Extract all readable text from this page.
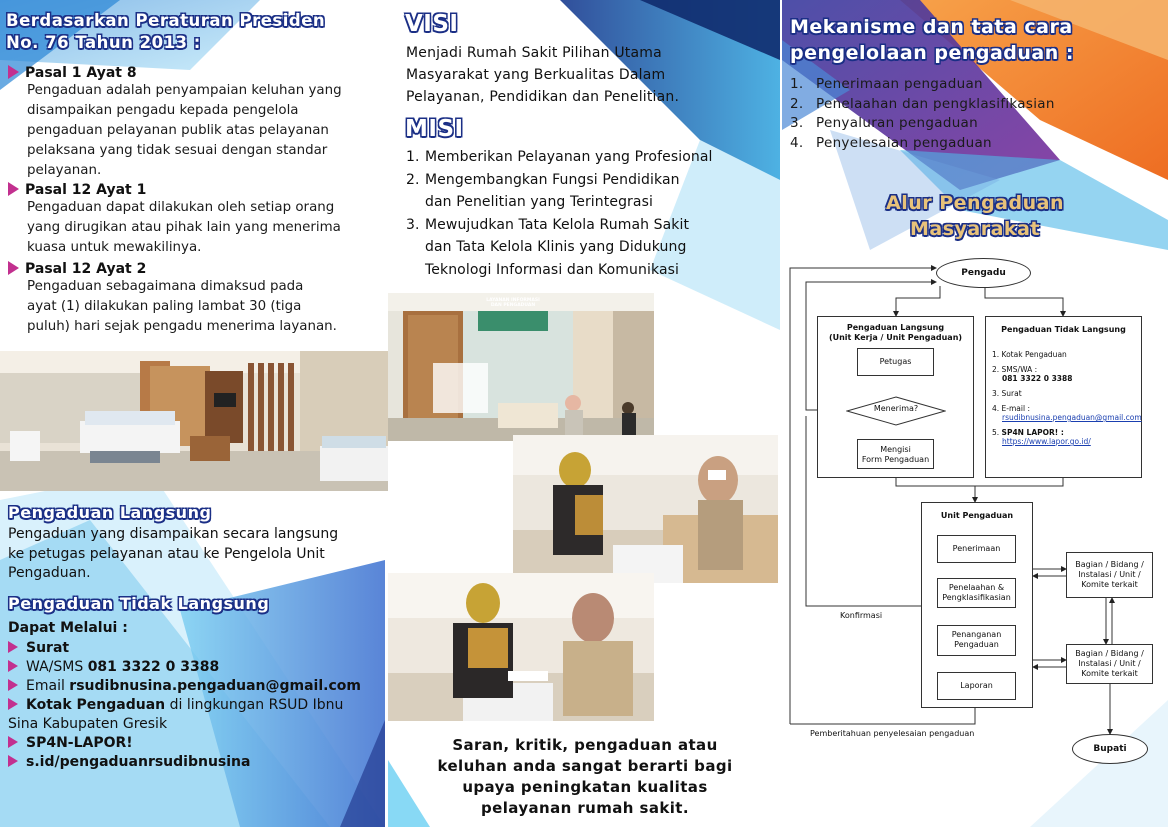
Berdasarkan Peraturan Presiden
No. 76 Tahun 2013 :
Pasal 1 Ayat 8
Pengaduan adalah penyampaian keluhan yang
disampaikan pengadu kepada pengelola
pengaduan pelayanan publik atas pelayanan
pelaksana yang tidak sesuai dengan standar
pelayanan.
Pasal 12 Ayat 1
Pengaduan dapat dilakukan oleh setiap orang
yang dirugikan atau pihak lain yang menerima
kuasa untuk mewakilinya.
Pasal 12 Ayat 2
Pengaduan sebagaimana dimaksud pada
ayat (1) dilakukan paling lambat 30 (tiga
puluh) hari sejak pengadu menerima layanan.
Pengaduan Langsung
Pengaduan yang disampaikan secara langsung
ke petugas pelayanan atau ke Pengelola Unit
Pengaduan.
Pengaduan Tidak Langsung
Dapat Melalui :
Surat
WA/SMS 081 3322 0 3388
Email rsudibnusina.pengaduan@gmail.com
Kotak Pengaduan di lingkungan RSUD Ibnu
Sina Kabupaten Gresik
SP4N-LAPOR!
s.id/pengaduanrsudibnusina
VISI
Menjadi Rumah Sakit Pilihan Utama
Masyarakat yang Berkualitas Dalam
Pelayanan, Pendidikan dan Penelitian.
MISI
1. Memberikan Pelayanan yang Profesional
2. Mengembangkan Fungsi Pendidikan
dan Penelitian yang Terintegrasi
3. Mewujudkan Tata Kelola Rumah Sakit
dan Tata Kelola Klinis yang Didukung
Teknologi Informasi dan Komunikasi
LAYANAN INFORMASI
DAN PENGADUAN
Saran, kritik, pengaduan atau
keluhan anda sangat berarti bagi
upaya peningkatan kualitas
pelayanan rumah sakit.
Mekanisme dan tata cara
pengelolaan pengaduan :
1. Penerimaan pengaduan
2. Penelaahan dan pengklasifikasian
3. Penyaluran pengaduan
4. Penyelesaian pengaduan
Alur Pengaduan
Masyarakat
Pengadu
Pengaduan Langsung
(Unit Kerja / Unit Pengaduan)
Petugas
Menerima?
Mengisi
Form Pengaduan
Pengaduan Tidak Langsung
1. Kotak Pengaduan
2. SMS/WA :
081 3322 0 3388
3. Surat
4. E-mail :
rsudibnusina.pengaduan@gmail.com
5. SP4N LAPOR! :
https://www.lapor.go.id/
Unit Pengaduan
Penerimaan
Penelaahan &
Pengklasifikasian
Penanganan
Pengaduan
Laporan
Bagian / Bidang /
Instalasi / Unit /
Komite terkait
Bagian / Bidang /
Instalasi / Unit /
Komite terkait
Konfirmasi
Pemberitahuan penyelesaian pengaduan
Bupati
